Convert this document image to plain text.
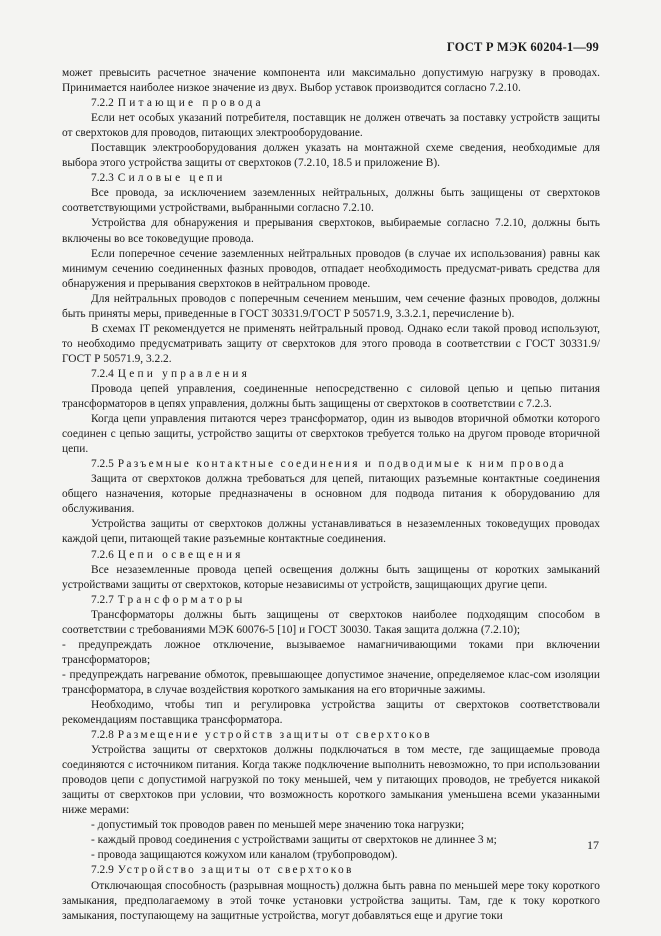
ГОСТ Р МЭК 60204-1—99

может превысить расчетное значение компонента или максимально допустимую нагрузку в проводах. Принимается наиболее низкое значение из двух. Выбор уставок производится согласно 7.2.10.

7.2.2 Питающие провода

Если нет особых указаний потребителя, поставщик не должен отвечать за поставку устройств защиты от сверхтоков для проводов, питающих электрооборудование.

Поставщик электрооборудования должен указать на монтажной схеме сведения, необходимые для выбора этого устройства защиты от сверхтоков (7.2.10, 18.5 и приложение В).

7.2.3 Силовые цепи

Все провода, за исключением заземленных нейтральных, должны быть защищены от сверхтоков соответствующими устройствами, выбранными согласно 7.2.10.

Устройства для обнаружения и прерывания сверхтоков, выбираемые согласно 7.2.10, должны быть включены во все токоведущие провода.

Если поперечное сечение заземленных нейтральных проводов (в случае их использования) равны как минимум сечению соединенных фазных проводов, отпадает необходимость предусмат-ривать средства для обнаружения и прерывания сверхтоков в нейтральном проводе.

Для нейтральных проводов с поперечным сечением меньшим, чем сечение фазных проводов, должны быть приняты меры, приведенные в ГОСТ 30331.9/ГОСТ Р 50571.9, 3.3.2.1, перечисление b).

В схемах IT рекомендуется не применять нейтральный провод. Однако если такой провод используют, то необходимо предусматривать защиту от сверхтоков для этого провода в соответствии с ГОСТ 30331.9/ГОСТ Р 50571.9, 3.2.2.

7.2.4 Цепи управления

Провода цепей управления, соединенные непосредственно с силовой цепью и цепью питания трансформаторов в цепях управления, должны быть защищены от сверхтоков в соответствии с 7.2.3.

Когда цепи управления питаются через трансформатор, один из выводов вторичной обмотки которого соединен с цепью защиты, устройство защиты от сверхтоков требуется только на другом проводе вторичной цепи.

7.2.5 Разъемные контактные соединения и подводимые к ним провода

Защита от сверхтоков должна требоваться для цепей, питающих разъемные контактные соединения общего назначения, которые предназначены в основном для подвода питания к оборудованию для обслуживания.

Устройства защиты от сверхтоков должны устанавливаться в незаземленных токоведущих проводах каждой цепи, питающей такие разъемные контактные соединения.

7.2.6 Цепи освещения

Все незаземленные провода цепей освещения должны быть защищены от коротких замыканий устройствами защиты от сверхтоков, которые независимы от устройств, защищающих другие цепи.

7.2.7 Трансформаторы

Трансформаторы должны быть защищены от сверхтоков наиболее подходящим способом в соответствии с требованиями МЭК 60076-5 [10] и ГОСТ 30030. Такая защита должна (7.2.10);

- предупреждать ложное отключение, вызываемое намагничивающими токами при включении трансформаторов;

- предупреждать нагревание обмоток, превышающее допустимое значение, определяемое клас-сом изоляции трансформатора, в случае воздействия короткого замыкания на его вторичные зажимы.

Необходимо, чтобы тип и регулировка устройства защиты от сверхтоков соответствовали рекомендациям поставщика трансформатора.

7.2.8 Размещение устройств защиты от сверхтоков

Устройства защиты от сверхтоков должны подключаться в том месте, где защищаемые провода соединяются с источником питания. Когда также подключение выполнить невозможно, то при использовании проводов цепи с допустимой нагрузкой по току меньшей, чем у питающих проводов, не требуется никакой защиты от сверхтоков при условии, что возможность короткого замыкания уменьшена всеми указанными ниже мерами:

- допустимый ток проводов равен по меньшей мере значению тока нагрузки;

- каждый провод соединения с устройствами защиты от сверхтоков не длиннее 3 м;

- провода защищаются кожухом или каналом (трубопроводом).

7.2.9 Устройство защиты от сверхтоков

Отключающая способность (разрывная мощность) должна быть равна по меньшей мере току короткого замыкания, предполагаемому в этой точке установки устройства защиты. Там, где к току короткого замыкания, поступающему на защитные устройства, могут добавляться еще и другие токи

17
